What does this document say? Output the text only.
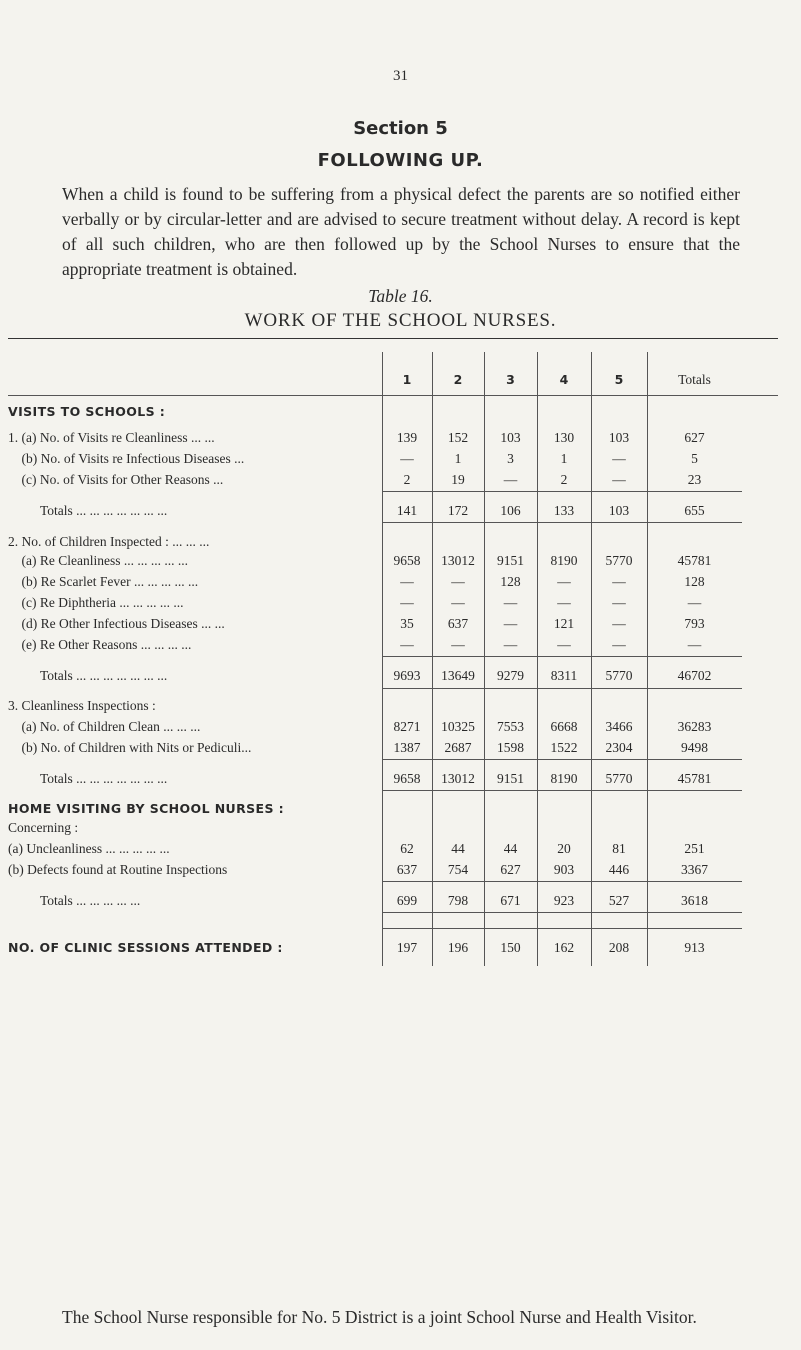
31
Section 5
FOLLOWING UP.
When a child is found to be suffering from a physical defect the parents are so notified either verbally or by circular-letter and are advised to secure treatment without delay. A record is kept of all such children, who are then followed up by the School Nurses to ensure that the appropriate treatment is obtained.
Table 16.
WORK OF THE SCHOOL NURSES.
1	2	3	4	5	Totals
VISITS TO SCHOOLS :
1. (a) No. of Visits re Cleanliness ... ...	139	152	103	130	103	627
(b) No. of Visits re Infectious Diseases ...	—	1	3	1	—	5
(c) No. of Visits for Other Reasons ...	2	19	—	2	—	23
Totals ... ... ... ... ... ... ...	141	172	106	133	103	655
2. No. of Children Inspected : ... ... ...
(a) Re Cleanliness ... ... ... ... ...	9658	13012	9151	8190	5770	45781
(b) Re Scarlet Fever ... ... ... ... ...	—	—	128	—	—	128
(c) Re Diphtheria ... ... ... ... ...	—	—	—	—	—	—
(d) Re Other Infectious Diseases ... ...	35	637	—	121	—	793
(e) Re Other Reasons ... ... ... ...	—	—	—	—	—	—
Totals ... ... ... ... ... ... ...	9693	13649	9279	8311	5770	46702
3. Cleanliness Inspections :
(a) No. of Children Clean ... ... ...	8271	10325	7553	6668	3466	36283
(b) No. of Children with Nits or Pediculi...	1387	2687	1598	1522	2304	9498
Totals ... ... ... ... ... ... ...	9658	13012	9151	8190	5770	45781
HOME VISITING BY SCHOOL NURSES :
Concerning :
(a) Uncleanliness ... ... ... ... ...	62	44	44	20	81	251
(b) Defects found at Routine Inspections	637	754	627	903	446	3367
Totals ... ... ... ... ...	699	798	671	923	527	3618
NO. OF CLINIC SESSIONS ATTENDED :	197	196	150	162	208	913
The School Nurse responsible for No. 5 District is a joint School Nurse and Health Visitor.
